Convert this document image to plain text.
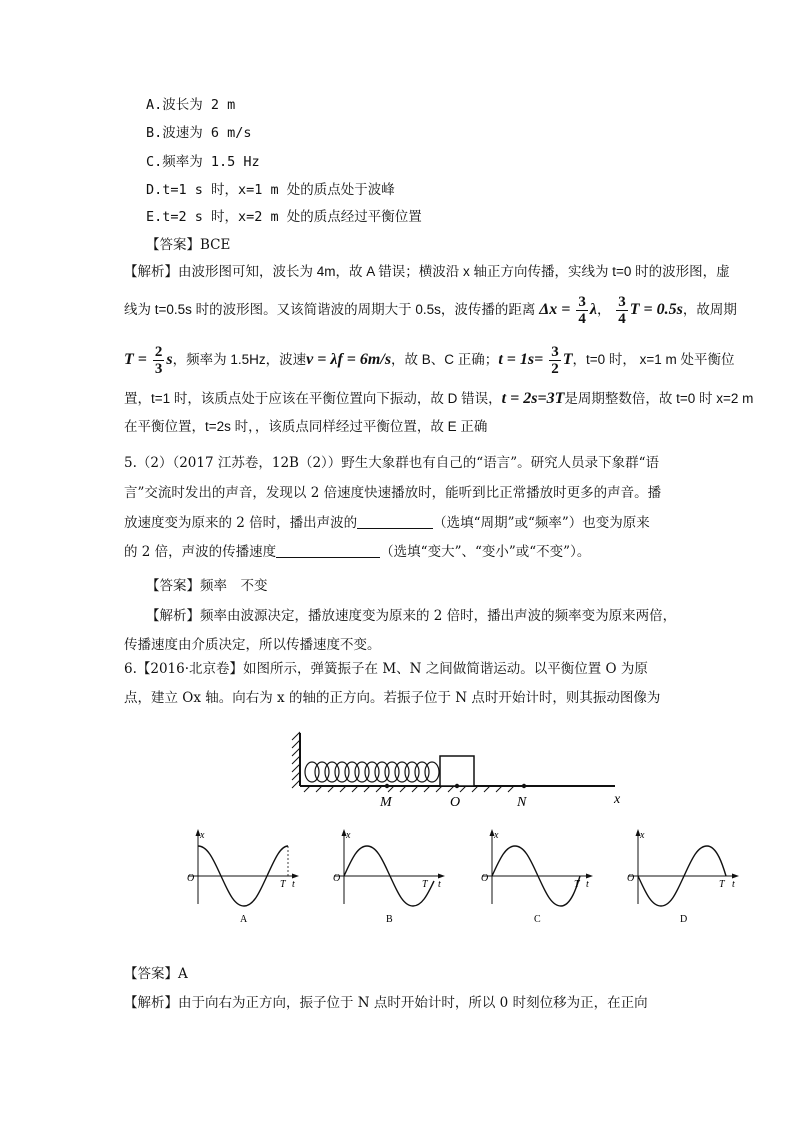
A.波长为 2 m
B.波速为 6 m/s
C.频率为 1.5 Hz
D.t=1 s 时，x=1 m 处的质点处于波峰
E.t=2 s 时，x=2 m 处的质点经过平衡位置
【答案】BCE
【解析】由波形图可知，波长为 4m，故 A 错误；横波沿 x 轴正方向传播，实线为 t=0 时的波形图，虚
线为 t=0.5s 时的波形图。又该简谐波的周期大于 0.5s，波传播的距离 $\Delta x = \frac{3}{4}$ λ， $\frac{3}{4}$ T = 0.5s，故周期
$T = \frac{2}{3}$ s，频率为 1.5Hz，波速v = λf = 6m/s，故 B、C 正确；$t = 1s= \frac{3}{2}$ T，t=0 时， x=1 m 处平衡位
置，t=1 时，该质点处于应该在平衡位置向下振动，故 D 错误，t = 2s=3T是周期整数倍，故 t=0 时 x=2 m
在平衡位置，t=2s 时，，该质点同样经过平衡位置，故 E 正确
5.（2）（2017 江苏卷，12B（2））野生大象群也有自己的“语言”。研究人员录下象群“语
言”交流时发出的声音，发现以 2 倍速度快速播放时，能听到比正常播放时更多的声音。播
放速度变为原来的 2 倍时，播出声波的	（选填“周期”或“频率”）也变为原来
的 2 倍，声波的传播速度	（选填“变大”、“变小”或“不变”）。
【答案】频率　不变
【解析】频率由波源决定，播放速度变为原来的 2 倍时，播出声波的频率变为原来两倍，
传播速度由介质决定，所以传播速度不变。
6.【2016·北京卷】如图所示，弹簧振子在 M、N 之间做简谐运动。以平衡位置 O 为原
点，建立 Ox 轴。向右为 x 的轴的正方向。若振子位于 N 点时开始计时，则其振动图像为
M	O	N	x
x
O
T t
A
x
O
T t
B
x
O
T t
C
x
O
T t
D
【答案】A
【解析】由于向右为正方向，振子位于 N 点时开始计时，所以 0 时刻位移为正，在正向
